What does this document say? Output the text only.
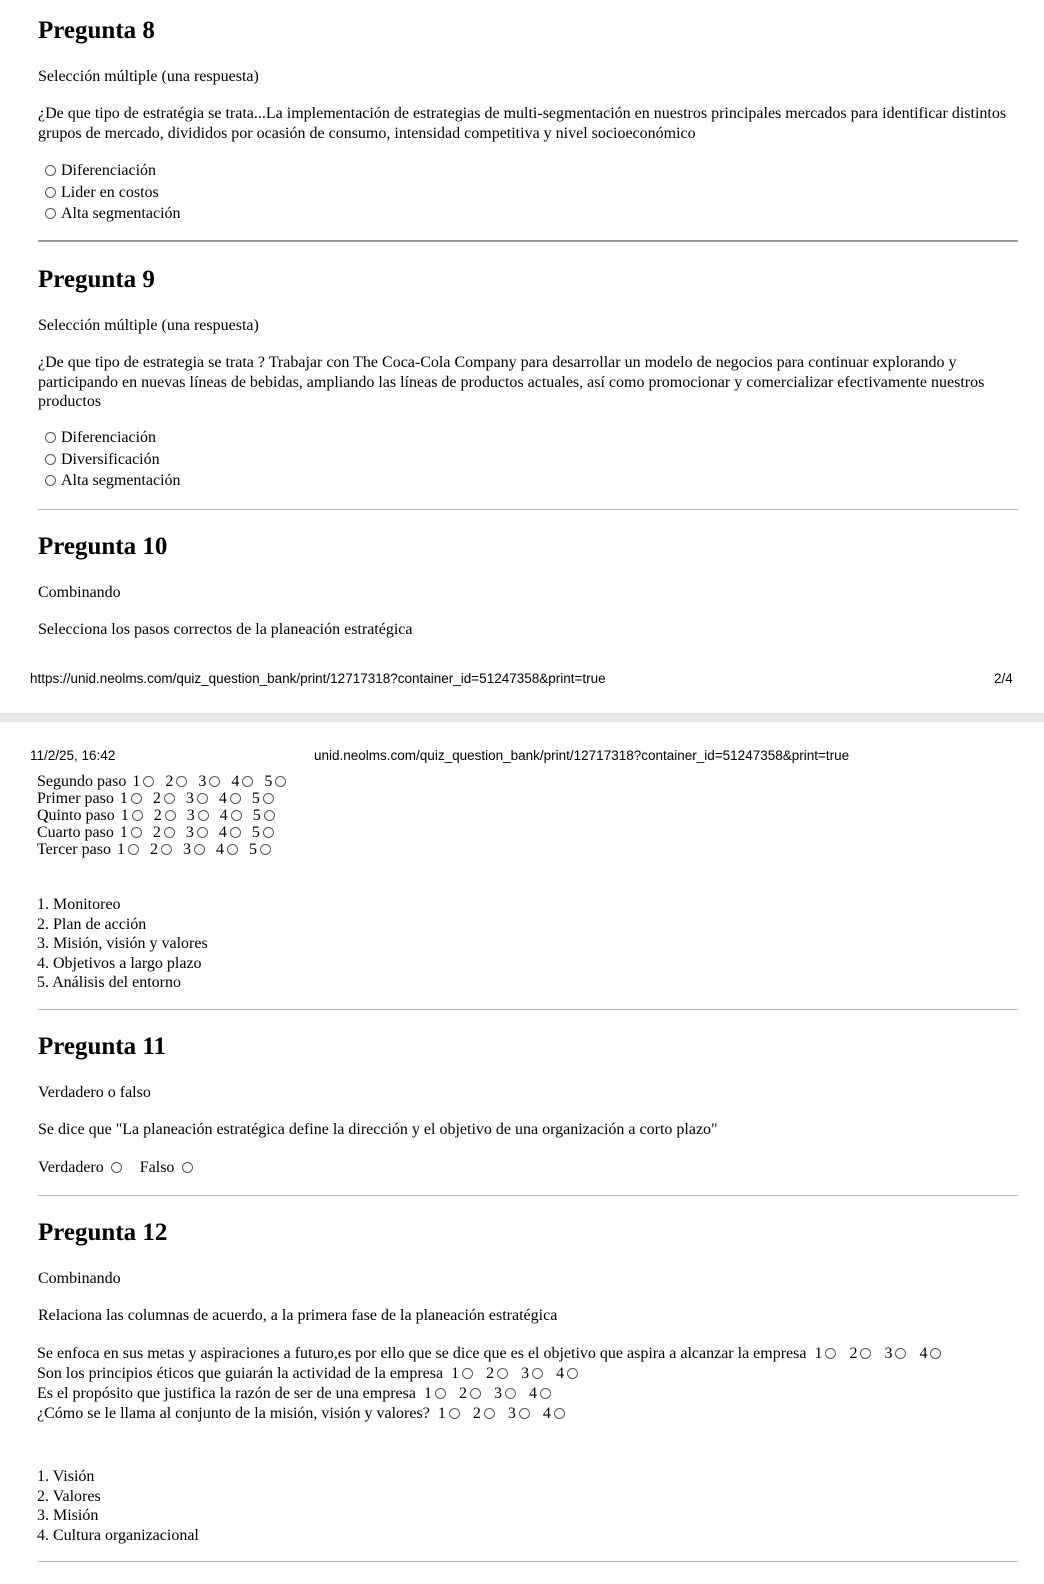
Pregunta 8
Selección múltiple (una respuesta)
¿De que tipo de estratégia se trata...La implementación de estrategias de multi-segmentación en nuestros principales mercados para identificar distintos grupos de mercado, divididos por ocasión de consumo, intensidad competitiva y nivel socioeconómico
Diferenciación
Lider en costos
Alta segmentación
Pregunta 9
Selección múltiple (una respuesta)
¿De que tipo de estrategia se trata ? Trabajar con The Coca-Cola Company para desarrollar un modelo de negocios para continuar explorando y participando en nuevas líneas de bebidas, ampliando las líneas de productos actuales, así como promocionar y comercializar efectivamente nuestros productos
Diferenciación
Diversificación
Alta segmentación
Pregunta 10
Combinando
Selecciona los pasos correctos de la planeación estratégica
https://unid.neolms.com/quiz_question_bank/print/12717318?container_id=51247358&print=true	2/4
11/2/25, 16:42	unid.neolms.com/quiz_question_bank/print/12717318?container_id=51247358&print=true
Segundo paso 1 2 3 4 5
Primer paso 1 2 3 4 5
Quinto paso 1 2 3 4 5
Cuarto paso 1 2 3 4 5
Tercer paso 1 2 3 4 5
1. Monitoreo
2. Plan de acción
3. Misión, visión y valores
4. Objetivos a largo plazo
5. Análisis del entorno
Pregunta 11
Verdadero o falso
Se dice que "La planeación estratégica define la dirección y el objetivo de una organización a corto plazo"
Verdadero Falso
Pregunta 12
Combinando
Relaciona las columnas de acuerdo, a la primera fase de la planeación estratégica
Se enfoca en sus metas y aspiraciones a futuro,es por ello que se dice que es el objetivo que aspira a alcanzar la empresa 1 2 3 4
Son los principios éticos que guiarán la actividad de la empresa 1 2 3 4
Es el propósito que justifica la razón de ser de una empresa 1 2 3 4
¿Cómo se le llama al conjunto de la misión, visión y valores? 1 2 3 4
1. Visión
2. Valores
3. Misión
4. Cultura organizacional
